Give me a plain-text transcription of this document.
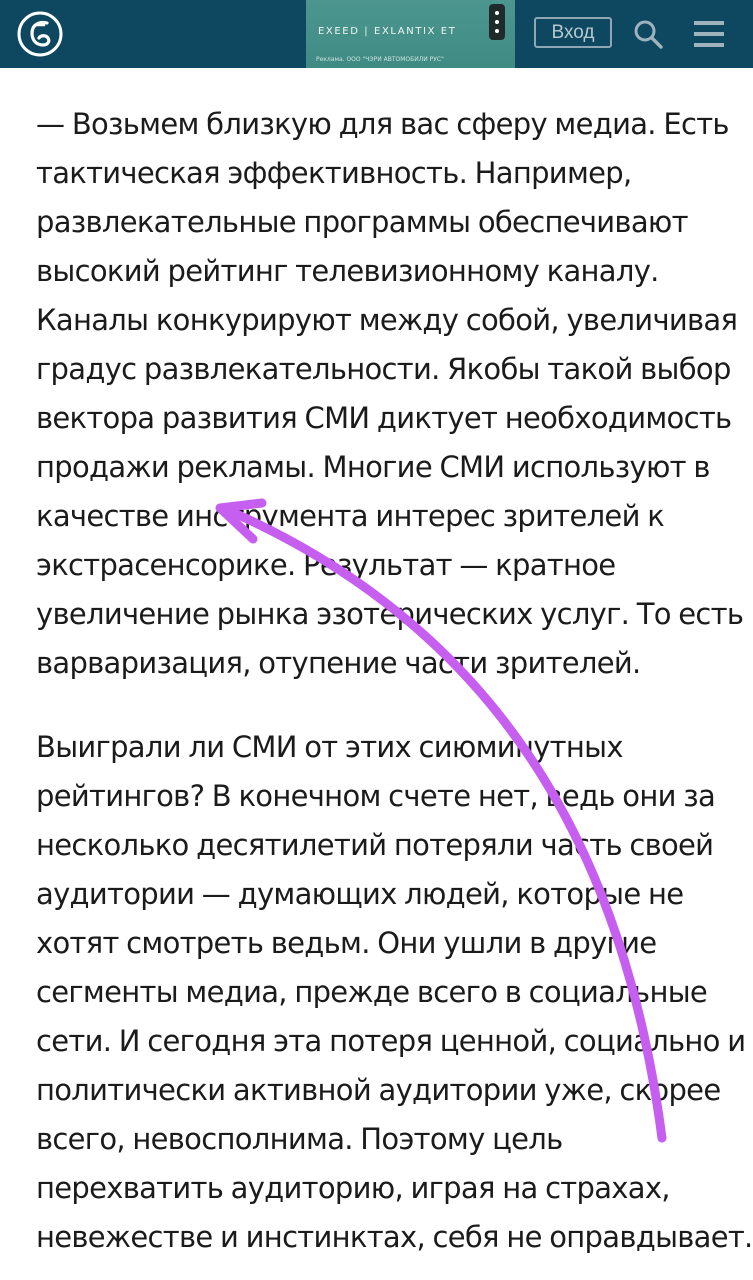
EXEED | EXLANTIX ET
Реклама. ООО "ЧЭРИ АВТОМОБИЛИ РУС"
Вход

— Возьмем близкую для вас сферу медиа. Есть
тактическая эффективность. Например,
развлекательные программы обеспечивают
высокий рейтинг телевизионному каналу.
Каналы конкурируют между собой, увеличивая
градус развлекательности. Якобы такой выбор
вектора развития СМИ диктует необходимость
продажи рекламы. Многие СМИ используют в
качестве инструмента интерес зрителей к
экстрасенсорике. Результат — кратное
увеличение рынка эзотерических услуг. То есть
варваризация, отупение части зрителей.

Выиграли ли СМИ от этих сиюминутных
рейтингов? В конечном счете нет, ведь они за
несколько десятилетий потеряли часть своей
аудитории — думающих людей, которые не
хотят смотреть ведьм. Они ушли в другие
сегменты медиа, прежде всего в социальные
сети. И сегодня эта потеря ценной, социально и
политически активной аудитории уже, скорее
всего, невосполнима. Поэтому цель
перехватить аудиторию, играя на страхах,
невежестве и инстинктах, себя не оправдывает.
